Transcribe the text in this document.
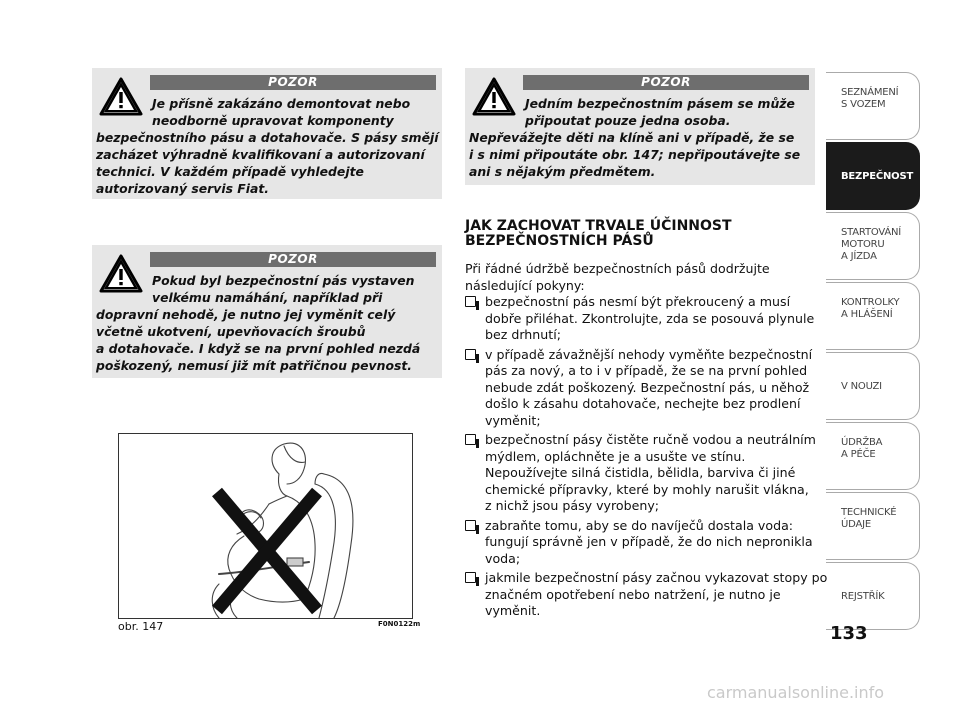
POZOR
Je přísně zakázáno demontovat nebo
neodborně upravovat komponenty
bezpečnostního pásu a dotahovače. S pásy smějí
zacházet výhradně kvalifikovaní a autorizovaní
technici. V každém případě vyhledejte
autorizovaný servis Fiat.
POZOR
Pokud byl bezpečnostní pás vystaven
velkému namáhání, například při
dopravní nehodě, je nutno jej vyměnit celý
včetně ukotvení, upevňovacích šroubů
a dotahovače. I když se na první pohled nezdá
poškozený, nemusí již mít patřičnou pevnost.
POZOR
Jedním bezpečnostním pásem se může
připoutat pouze jedna osoba.
Nepřevážejte děti na klíně ani v případě, že se
i s nimi připoutáte obr. 147; nepřipoutávejte se
ani s nějakým předmětem.
JAK ZACHOVAT TRVALE ÚČINNOST
BEZPEČNOSTNÍCH PÁSŮ
Při řádné údržbě bezpečnostních pásů dodržujte
následující pokyny:
bezpečnostní pás nesmí být překroucený a musí
dobře přiléhat. Zkontrolujte, zda se posouvá plynule
bez drhnutí;
v případě závažnější nehody vyměňte bezpečnostní
pás za nový, a to i v případě, že se na první pohled
nebude zdát poškozený. Bezpečnostní pás, u něhož
došlo k zásahu dotahovače, nechejte bez prodlení
vyměnit;
bezpečnostní pásy čistěte ručně vodou a neutrálním
mýdlem, opláchněte je a usušte ve stínu.
Nepoužívejte silná čistidla, bělidla, barviva či jiné
chemické přípravky, které by mohly narušit vlákna,
z nichž jsou pásy vyrobeny;
zabraňte tomu, aby se do navíječů dostala voda:
fungují správně jen v případě, že do nich nepronikla
voda;
jakmile bezpečnostní pásy začnou vykazovat stopy po
značném opotřebení nebo natržení, je nutno je
vyměnit.
obr. 147	F0N0122m
SEZNÁMENÍ
S VOZEM
BEZPEČNOST
STARTOVÁNÍ
MOTORU
A JÍZDA
KONTROLKY
A HLÁŠENÍ
V NOUZI
ÚDRŽBA
A PÉČE
TECHNICKÉ
ÚDAJE
REJSTŘÍK
133
carmanualsonline.info
